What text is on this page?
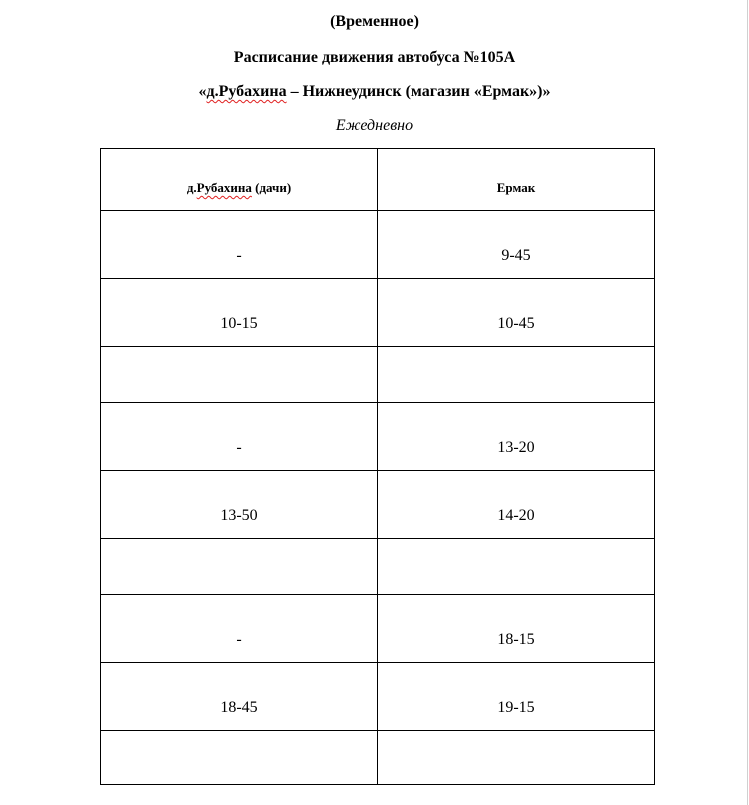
(Временное)
Расписание движения автобуса №105А
«д.Рубахина – Нижнеудинск (магазин «Ермак»)»
Ежедневно
д.Рубахина (дачи)	Ермак
-	9-45
10-15	10-45

-	13-20
13-50	14-20

-	18-15
18-45	19-15
